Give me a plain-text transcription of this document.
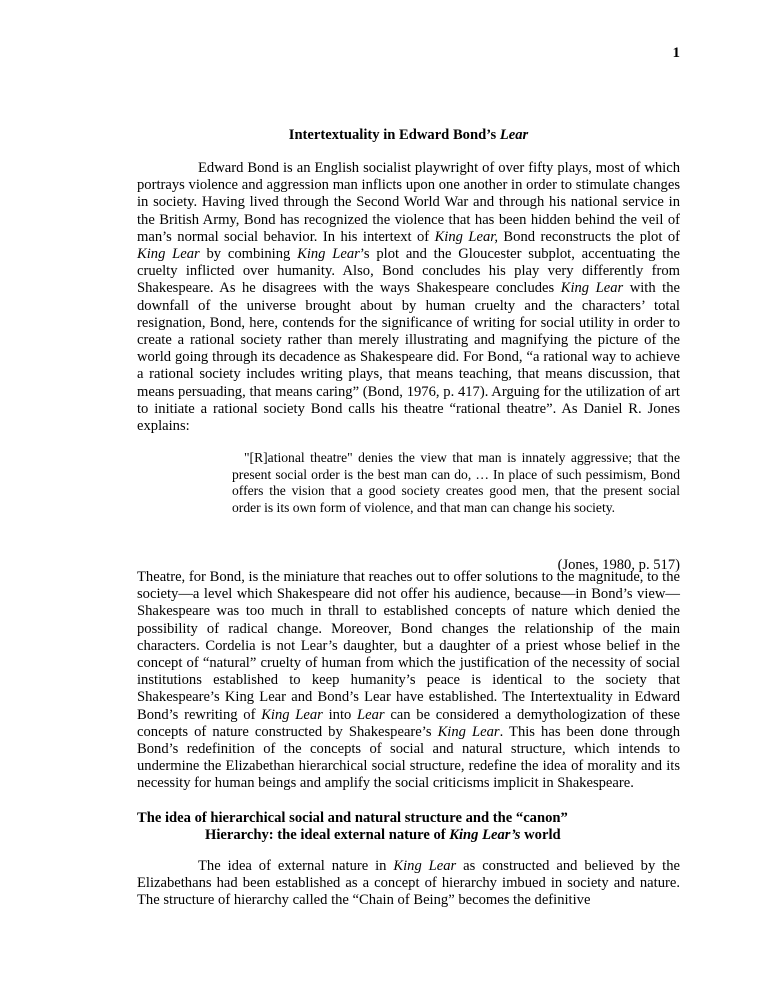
1
Intertextuality in Edward Bond’s Lear

Edward Bond is an English socialist playwright of over fifty plays, most of which portrays violence and aggression man inflicts upon one another in order to stimulate changes in society. Having lived through the Second World War and through his national service in the British Army, Bond has recognized the violence that has been hidden behind the veil of man’s normal social behavior. In his intertext of King Lear, Bond reconstructs the plot of King Lear by combining King Lear’s plot and the Gloucester subplot, accentuating the cruelty inflicted over humanity. Also, Bond concludes his play very differently from Shakespeare. As he disagrees with the ways Shakespeare concludes King Lear with the downfall of the universe brought about by human cruelty and the characters’ total resignation, Bond, here, contends for the significance of writing for social utility in order to create a rational society rather than merely illustrating and magnifying the picture of the world going through its decadence as Shakespeare did. For Bond, “a rational way to achieve a rational society includes writing plays, that means teaching, that means discussion, that means persuading, that means caring” (Bond, 1976, p. 417). Arguing for the utilization of art to initiate a rational society Bond calls his theatre “rational theatre”. As Daniel R. Jones explains:

"[R]ational theatre" denies the view that man is innately aggressive; that the present social order is the best man can do, … In place of such pessimism, Bond offers the vision that a good society creates good men, that the present social order is its own form of violence, and that man can change his society.

(Jones, 1980, p. 517)

Theatre, for Bond, is the miniature that reaches out to offer solutions to the magnitude, to the society—a level which Shakespeare did not offer his audience, because—in Bond’s view—Shakespeare was too much in thrall to established concepts of nature which denied the possibility of radical change. Moreover, Bond changes the relationship of the main characters. Cordelia is not Lear’s daughter, but a daughter of a priest whose belief in the concept of “natural” cruelty of human from which the justification of the necessity of social institutions established to keep humanity’s peace is identical to the society that Shakespeare’s King Lear and Bond’s Lear have established. The Intertextuality in Edward Bond’s rewriting of King Lear into Lear can be considered a demythologization of these concepts of nature constructed by Shakespeare’s King Lear. This has been done through Bond’s redefinition of the concepts of social and natural structure, which intends to undermine the Elizabethan hierarchical social structure, redefine the idea of morality and its necessity for human beings and amplify the social criticisms implicit in Shakespeare.

The idea of hierarchical social and natural structure and the “canon”
Hierarchy: the ideal external nature of King Lear’s world

The idea of external nature in King Lear as constructed and believed by the Elizabethans had been established as a concept of hierarchy imbued in society and nature. The structure of hierarchy called the “Chain of Being” becomes the definitive
